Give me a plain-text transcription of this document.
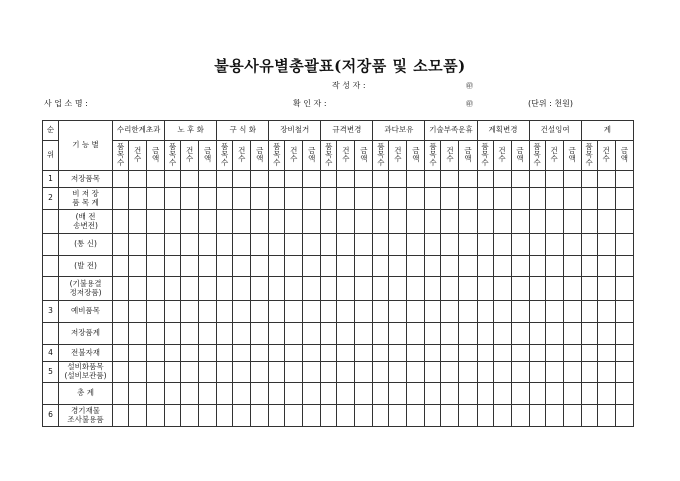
불용사유별총괄표(저장품 및 소모품)
작 성 자 :	㊞
사 업 소 명 :	확 인 자 :	㊞	(단위 : 천원)
순	기 능 별	수리한계초과			노 후 화			구 식 화			장비철거			규격변경			과다보유			기술부족운휴			계획변경			건설잉여			계		
위		품목수	건수	금액	품목수	건수	금액	품목수	건수	금액	품목수	건수	금액	품목수	건수	금액	품목수	건수	금액	품목수	건수	금액	품목수	건수	금액	품목수	건수	금액	품목수	건수	금액
1	저장품목																														

2	비 저 장
품 목 계																														

	(배 전
송변전)																														

	(통 신)																														

	(발 전)																														

	(기불용결
정저장품)																														

3	예비품목																														

	저장품계																														

4	전불자재																														

5	설비화품목
(설비보관품)																														

	총 계																														

6	경기재물
조사불용품																														
